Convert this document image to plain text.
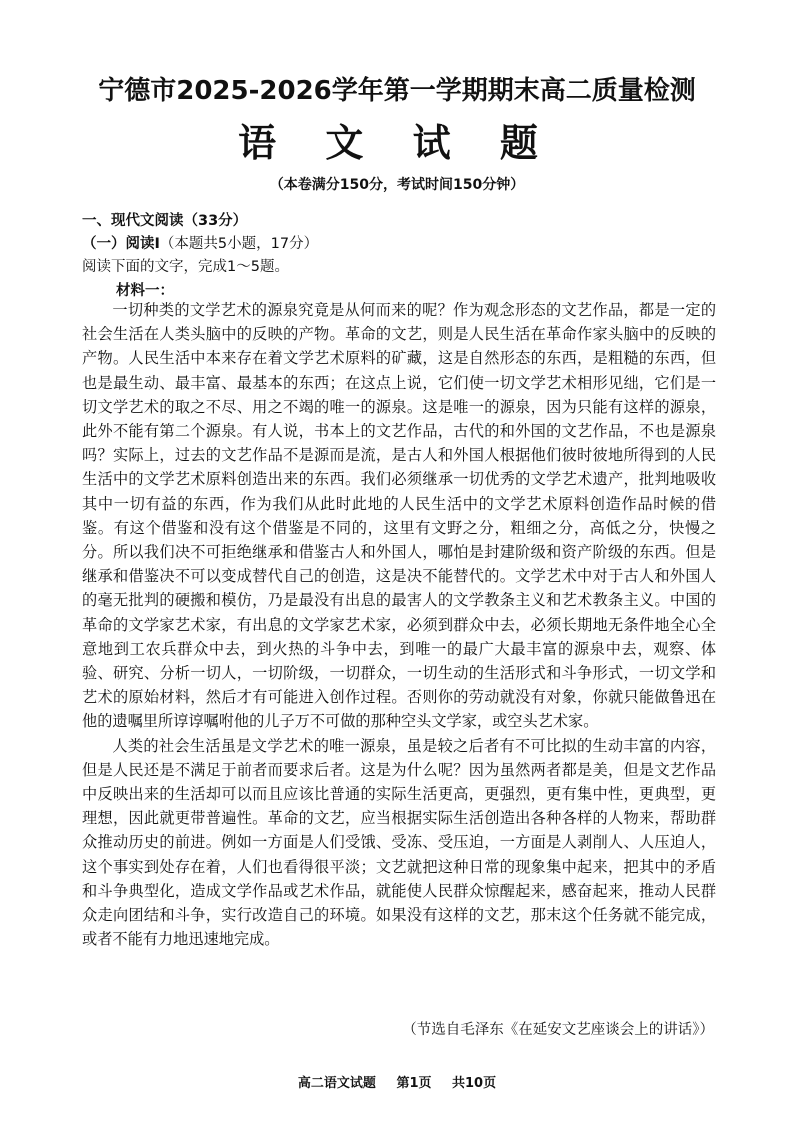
宁德市2025-2026学年第一学期期末高二质量检测
语 文 试 题
（本卷满分150分，考试时间150分钟）
一、现代文阅读（33分）
（一）阅读I（本题共5小题，17分）
阅读下面的文字，完成1～5题。
材料一：

一切种类的文学艺术的源泉究竟是从何而来的呢？作为观念形态的文艺作品，都是一定的社会生活在人类头脑中的反映的产物。革命的文艺，则是人民生活在革命作家头脑中的反映的产物。人民生活中本来存在着文学艺术原料的矿藏，这是自然形态的东西，是粗糙的东西，但也是最生动、最丰富、最基本的东西；在这点上说，它们使一切文学艺术相形见绌，它们是一切文学艺术的取之不尽、用之不竭的唯一的源泉。这是唯一的源泉，因为只能有这样的源泉，此外不能有第二个源泉。有人说，书本上的文艺作品，古代的和外国的文艺作品，不也是源泉吗？实际上，过去的文艺作品不是源而是流，是古人和外国人根据他们彼时彼地所得到的人民生活中的文学艺术原料创造出来的东西。我们必须继承一切优秀的文学艺术遗产，批判地吸收其中一切有益的东西，作为我们从此时此地的人民生活中的文学艺术原料创造作品时候的借鉴。有这个借鉴和没有这个借鉴是不同的，这里有文野之分，粗细之分，高低之分，快慢之分。所以我们决不可拒绝继承和借鉴古人和外国人，哪怕是封建阶级和资产阶级的东西。但是继承和借鉴决不可以变成替代自己的创造，这是决不能替代的。文学艺术中对于古人和外国人的毫无批判的硬搬和模仿，乃是最没有出息的最害人的文学教条主义和艺术教条主义。中国的革命的文学家艺术家，有出息的文学家艺术家，必须到群众中去，必须长期地无条件地全心全意地到工农兵群众中去，到火热的斗争中去，到唯一的最广大最丰富的源泉中去，观察、体验、研究、分析一切人，一切阶级，一切群众，一切生动的生活形式和斗争形式，一切文学和艺术的原始材料，然后才有可能进入创作过程。否则你的劳动就没有对象，你就只能做鲁迅在他的遗嘱里所谆谆嘱咐他的儿子万不可做的那种空头文学家，或空头艺术家。

人类的社会生活虽是文学艺术的唯一源泉，虽是较之后者有不可比拟的生动丰富的内容，但是人民还是不满足于前者而要求后者。这是为什么呢？因为虽然两者都是美，但是文艺作品中反映出来的生活却可以而且应该比普通的实际生活更高，更强烈，更有集中性，更典型，更理想，因此就更带普遍性。革命的文艺，应当根据实际生活创造出各种各样的人物来，帮助群众推动历史的前进。例如一方面是人们受饿、受冻、受压迫，一方面是人剥削人、人压迫人，这个事实到处存在着，人们也看得很平淡；文艺就把这种日常的现象集中起来，把其中的矛盾和斗争典型化，造成文学作品或艺术作品，就能使人民群众惊醒起来，感奋起来，推动人民群众走向团结和斗争，实行改造自己的环境。如果没有这样的文艺，那末这个任务就不能完成，或者不能有力地迅速地完成。

（节选自毛泽东《在延安文艺座谈会上的讲话》）
高二语文试题 第1页 共10页
